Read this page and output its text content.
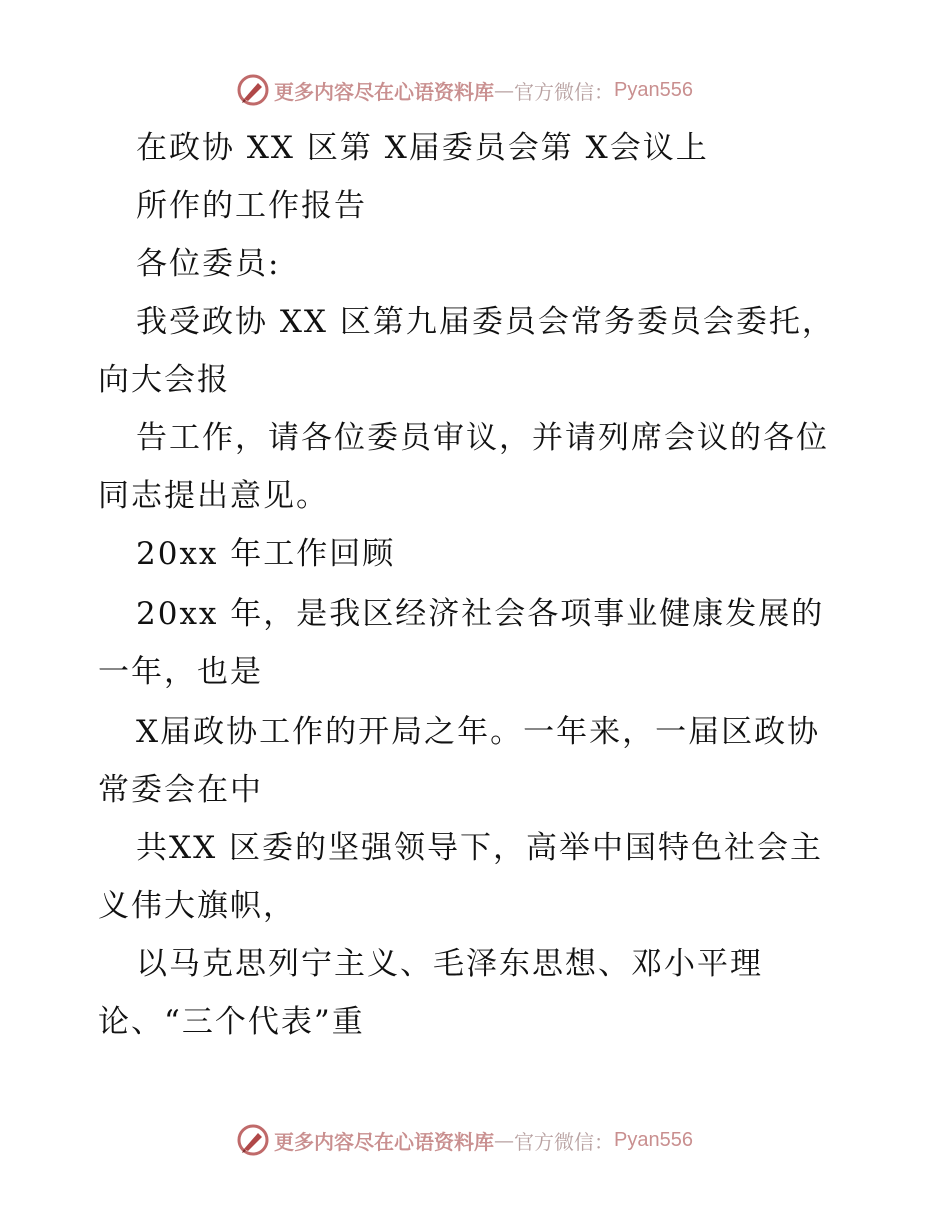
更多内容尽在心语资料库 — 官方微信： Pyan556
在政协 XX 区第 X届委员会第 X会议上
所作的工作报告
各位委员:
我受政协 XX 区第九届委员会常务委员会委托，
向大会报
告工作，请各位委员审议，并请列席会议的各位
同志提出意见。
20xx 年工作回顾
20xx 年，是我区经济社会各项事业健康发展的
一年，也是
X届政协工作的开局之年。一年来，一届区政协
常委会在中
共XX 区委的坚强领导下，高举中国特色社会主
义伟大旗帜，
以马克思列宁主义、毛泽东思想、邓小平理
论、“三个代表”重
更多内容尽在心语资料库 — 官方微信： Pyan556
